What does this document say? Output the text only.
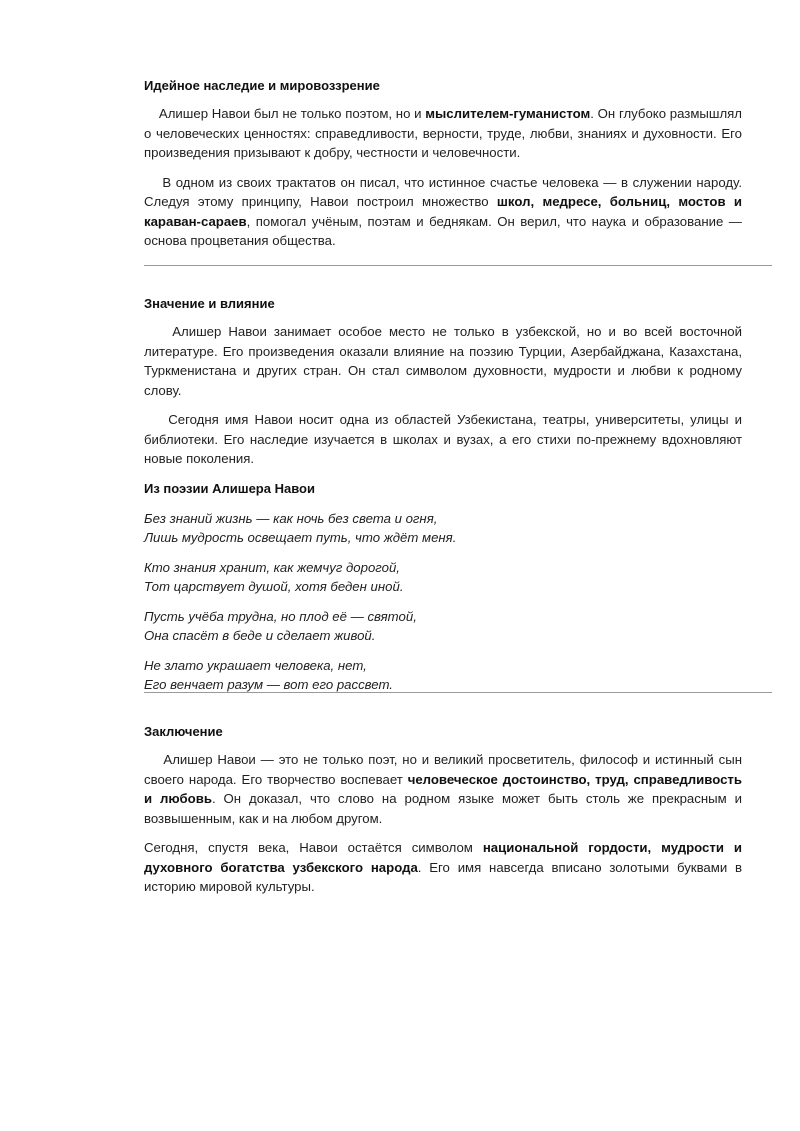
Идейное наследие и мировоззрение

Алишер Навои был не только поэтом, но и мыслителем-гуманистом. Он глубоко размышлял о человеческих ценностях: справедливости, верности, труде, любви, знаниях и духовности. Его произведения призывают к добру, честности и человечности.

В одном из своих трактатов он писал, что истинное счастье человека — в служении народу. Следуя этому принципу, Навои построил множество школ, медресе, больниц, мостов и караван-сараев, помогал учёным, поэтам и беднякам. Он верил, что наука и образование — основа процветания общества.

Значение и влияние

Алишер Навои занимает особое место не только в узбекской, но и во всей восточной литературе. Его произведения оказали влияние на поэзию Турции, Азербайджана, Казахстана, Туркменистана и других стран. Он стал символом духовности, мудрости и любви к родному слову.

Сегодня имя Навои носит одна из областей Узбекистана, театры, университеты, улицы и библиотеки. Его наследие изучается в школах и вузах, а его стихи по-прежнему вдохновляют новые поколения.

Из поэзии Алишера Навои

Без знаний жизнь — как ночь без света и огня,
Лишь мудрость освещает путь, что ждёт меня.

Кто знания хранит, как жемчуг дорогой,
Тот царствует душой, хотя беден иной.

Пусть учёба трудна, но плод её — святой,
Она спасёт в беде и сделает живой.

Не злато украшает человека, нет,
Его венчает разум — вот его рассвет.

Заключение

Алишер Навои — это не только поэт, но и великий просветитель, философ и истинный сын своего народа. Его творчество воспевает человеческое достоинство, труд, справедливость и любовь. Он доказал, что слово на родном языке может быть столь же прекрасным и возвышенным, как и на любом другом.

Сегодня, спустя века, Навои остаётся символом национальной гордости, мудрости и духовного богатства узбекского народа. Его имя навсегда вписано золотыми буквами в историю мировой культуры.
